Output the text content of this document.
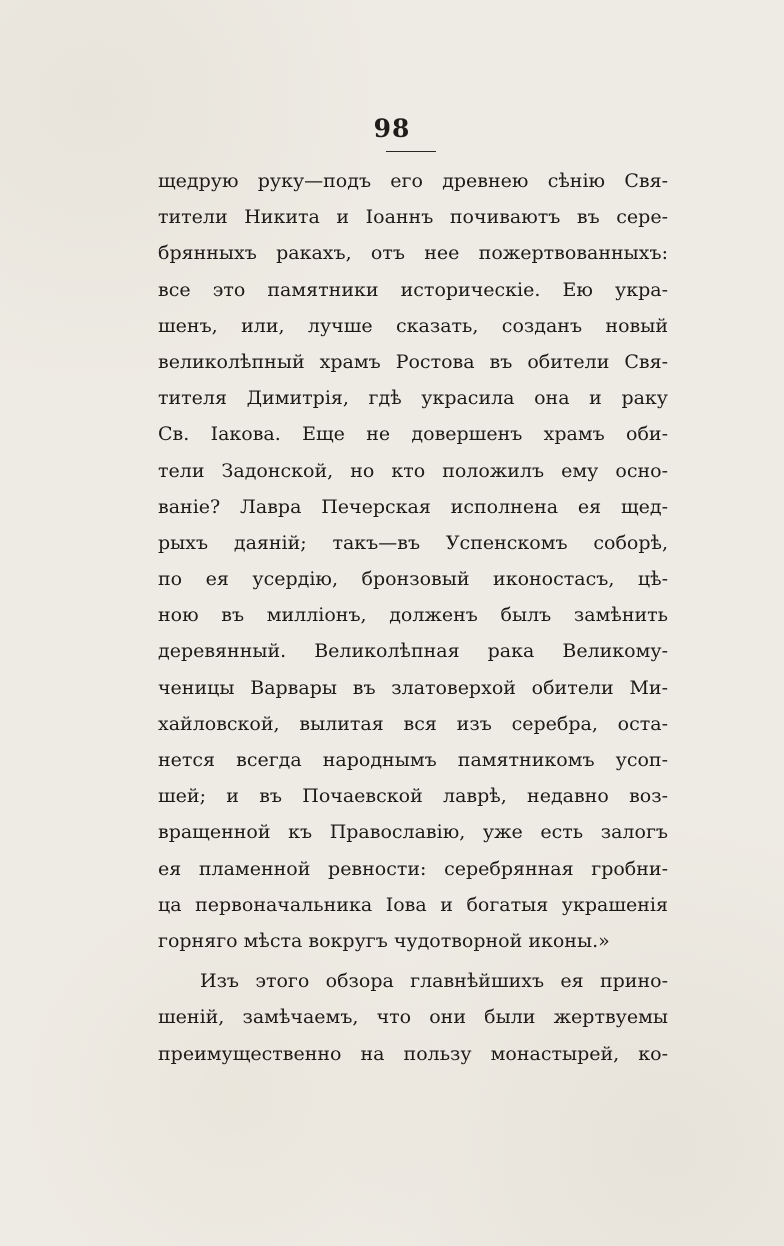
98
щедрую руку—подъ его древнею сѣнію Свя-
тители Никита и Іоаннъ почиваютъ въ сере-
брянныхъ ракахъ, отъ нее пожертвованныхъ:
все это памятники историческіе. Ею укра-
шенъ, или, лучше сказать, созданъ новый
великолѣпный храмъ Ростова въ обители Свя-
тителя Димитрія, гдѣ украсила она и раку
Св. Іакова. Еще не довершенъ храмъ оби-
тели Задонской, но кто положилъ ему осно-
ваніе? Лавра Печерская исполнена ея щед-
рыхъ даяній; такъ—въ Успенскомъ соборѣ,
по ея усердію, бронзовый иконостасъ, цѣ-
ною въ милліонъ, долженъ былъ замѣнить
деревянный. Великолѣпная рака Великому-
ченицы Варвары въ златоверхой обители Ми-
хайловской, вылитая вся изъ серебра, оста-
нется всегда народнымъ памятникомъ усоп-
шей; и въ Почаевской лаврѣ, недавно воз-
вращенной къ Православію, уже есть залогъ
ея пламенной ревности: серебрянная гробни-
ца первоначальника Іова и богатыя украшенія
горняго мѣста вокругъ чудотворной иконы.»
Изъ этого обзора главнѣйшихъ ея прино-
шеній, замѣчаемъ, что они были жертвуемы
преимущественно на пользу монастырей, ко-
